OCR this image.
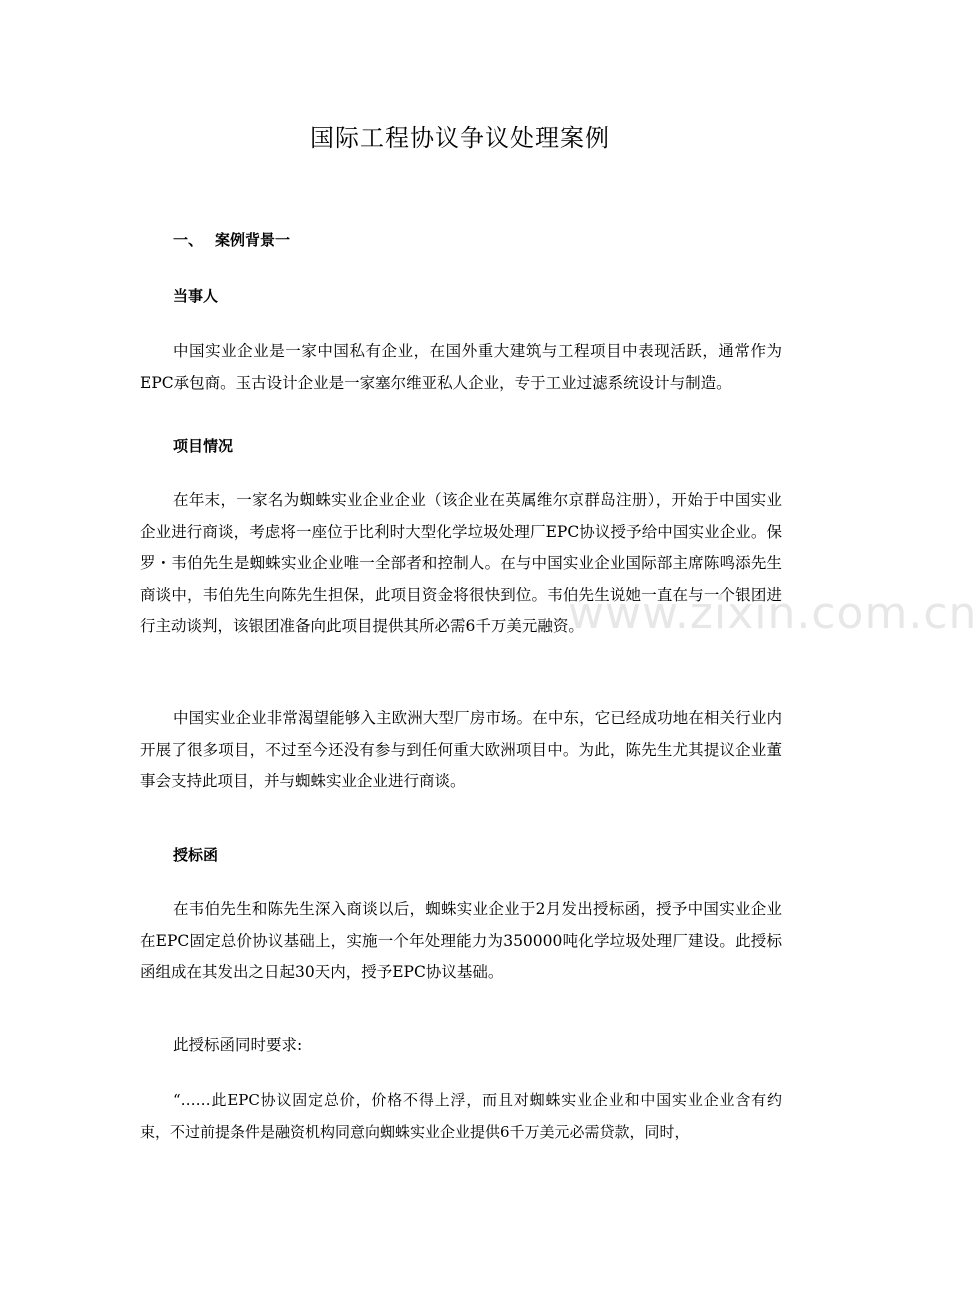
国际工程协议争议处理案例
一、 案例背景一
当事人
中国实业企业是一家中国私有企业，在国外重大建筑与工程项目中表现活跃，通常作为EPC承包商。玉古设计企业是一家塞尔维亚私人企业，专于工业过滤系统设计与制造。
项目情况
在年末，一家名为蜘蛛实业企业企业（该企业在英属维尔京群岛注册），开始于中国实业企业进行商谈，考虑将一座位于比利时大型化学垃圾处理厂EPC协议授予给中国实业企业。保罗・韦伯先生是蜘蛛实业企业唯一全部者和控制人。在与中国实业企业国际部主席陈鸣添先生商谈中，韦伯先生向陈先生担保，此项目资金将很快到位。韦伯先生说她一直在与一个银团进行主动谈判，该银团准备向此项目提供其所必需6千万美元融资。
中国实业企业非常渴望能够入主欧洲大型厂房市场。在中东，它已经成功地在相关行业内开展了很多项目，不过至今还没有参与到任何重大欧洲项目中。为此，陈先生尤其提议企业董事会支持此项目，并与蜘蛛实业企业进行商谈。
授标函
在韦伯先生和陈先生深入商谈以后，蜘蛛实业企业于2月发出授标函，授予中国实业企业在EPC固定总价协议基础上，实施一个年处理能力为350000吨化学垃圾处理厂建设。此授标函组成在其发出之日起30天内，授予EPC协议基础。
此授标函同时要求:
“……此EPC协议固定总价，价格不得上浮，而且对蜘蛛实业企业和中国实业企业含有约束，不过前提条件是融资机构同意向蜘蛛实业企业提供6千万美元必需贷款，同时，
www.zixin.com.cn
